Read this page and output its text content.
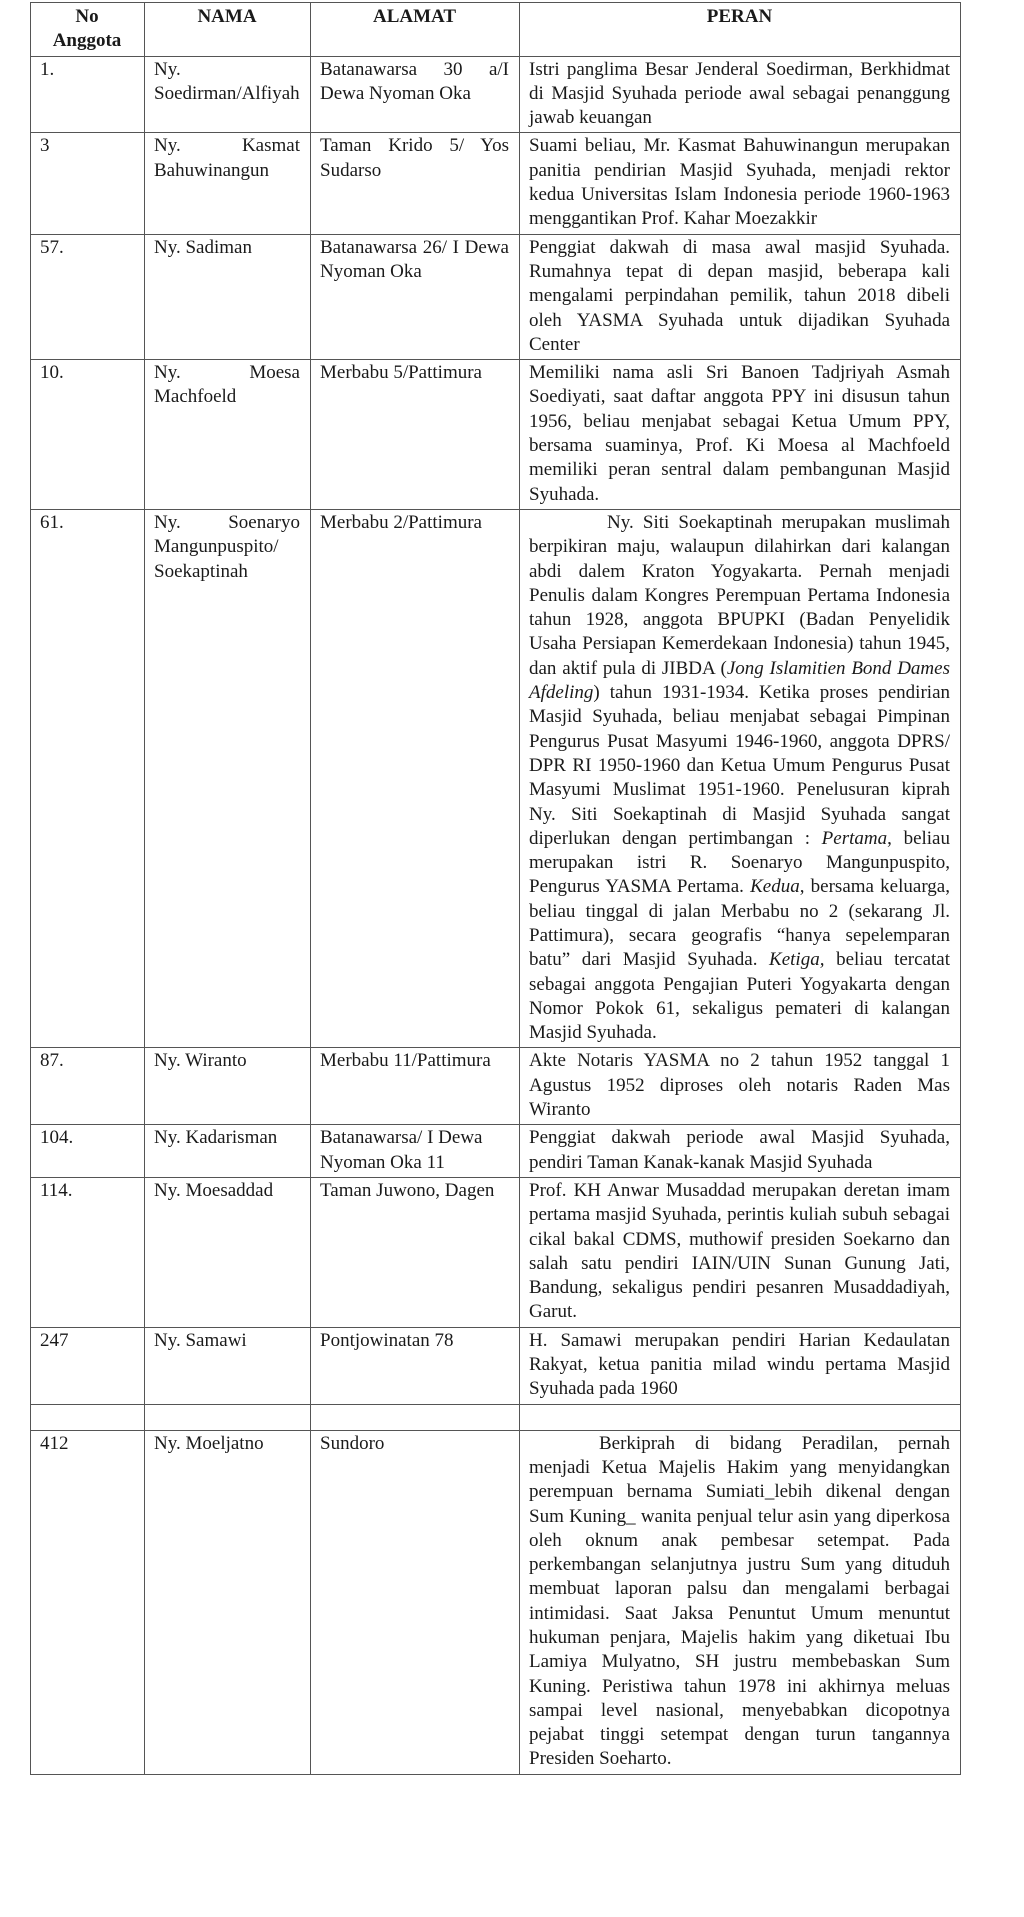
No Anggota	NAMA	ALAMAT	PERAN
1.	Ny. Soedirman/Alfiyah	Batanawarsa 30 a/I Dewa Nyoman Oka	Istri panglima Besar Jenderal Soedirman, Berkhidmat di Masjid Syuhada periode awal sebagai penanggung jawab keuangan
3	Ny. Kasmat Bahuwinangun	Taman Krido 5/ Yos Sudarso	Suami beliau, Mr. Kasmat Bahuwinangun merupakan panitia pendirian Masjid Syuhada, menjadi rektor kedua Universitas Islam Indonesia periode 1960-1963 menggantikan Prof. Kahar Moezakkir
57.	Ny. Sadiman	Batanawarsa 26/ I Dewa Nyoman Oka	Penggiat dakwah di masa awal masjid Syuhada. Rumahnya tepat di depan masjid, beberapa kali mengalami perpindahan pemilik, tahun 2018 dibeli oleh YASMA Syuhada untuk dijadikan Syuhada Center
10.	Ny. Moesa Machfoeld	Merbabu 5/Pattimura	Memiliki nama asli Sri Banoen Tadjriyah Asmah Soediyati, saat daftar anggota PPY ini disusun tahun 1956, beliau menjabat sebagai Ketua Umum PPY, bersama suaminya, Prof. Ki Moesa al Machfoeld memiliki peran sentral dalam pembangunan Masjid Syuhada.
61.	Ny. Soenaryo Mangunpuspito/ Soekaptinah	Merbabu 2/Pattimura	Ny. Siti Soekaptinah merupakan muslimah berpikiran maju, walaupun dilahirkan dari kalangan abdi dalem Kraton Yogyakarta. Pernah menjadi Penulis dalam Kongres Perempuan Pertama Indonesia tahun 1928, anggota BPUPKI (Badan Penyelidik Usaha Persiapan Kemerdekaan Indonesia) tahun 1945, dan aktif pula di JIBDA (Jong Islamitien Bond Dames Afdeling) tahun 1931-1934. Ketika proses pendirian Masjid Syuhada, beliau menjabat sebagai Pimpinan Pengurus Pusat Masyumi 1946-1960, anggota DPRS/ DPR RI 1950-1960 dan Ketua Umum Pengurus Pusat Masyumi Muslimat 1951-1960. Penelusuran kiprah Ny. Siti Soekaptinah di Masjid Syuhada sangat diperlukan dengan pertimbangan : Pertama, beliau merupakan istri R. Soenaryo Mangunpuspito, Pengurus YASMA Pertama. Kedua, bersama keluarga, beliau tinggal di jalan Merbabu no 2 (sekarang Jl. Pattimura), secara geografis “hanya sepelemparan batu” dari Masjid Syuhada. Ketiga, beliau tercatat sebagai anggota Pengajian Puteri Yogyakarta dengan Nomor Pokok 61, sekaligus pemateri di kalangan Masjid Syuhada.
87.	Ny. Wiranto	Merbabu 11/Pattimura	Akte Notaris YASMA no 2 tahun 1952 tanggal 1 Agustus 1952 diproses oleh notaris Raden Mas Wiranto
104.	Ny. Kadarisman	Batanawarsa/ I Dewa Nyoman Oka 11	Penggiat dakwah periode awal Masjid Syuhada, pendiri Taman Kanak-kanak Masjid Syuhada
114.	Ny. Moesaddad	Taman Juwono, Dagen	Prof. KH Anwar Musaddad merupakan deretan imam pertama masjid Syuhada, perintis kuliah subuh sebagai cikal bakal CDMS, muthowif presiden Soekarno dan salah satu pendiri IAIN/UIN Sunan Gunung Jati, Bandung, sekaligus pendiri pesanren Musaddadiyah, Garut.
247	Ny. Samawi	Pontjowinatan 78	H. Samawi merupakan pendiri Harian Kedaulatan Rakyat, ketua panitia milad windu pertama Masjid Syuhada pada 1960

412	Ny. Moeljatno	Sundoro	Berkiprah di bidang Peradilan, pernah menjadi Ketua Majelis Hakim yang menyidangkan perempuan bernama Sumiati_lebih dikenal dengan Sum Kuning_ wanita penjual telur asin yang diperkosa oleh oknum anak pembesar setempat. Pada perkembangan selanjutnya justru Sum yang dituduh membuat laporan palsu dan mengalami berbagai intimidasi. Saat Jaksa Penuntut Umum menuntut hukuman penjara, Majelis hakim yang diketuai Ibu Lamiya Mulyatno, SH justru membebaskan Sum Kuning. Peristiwa tahun 1978 ini akhirnya meluas sampai level nasional, menyebabkan dicopotnya pejabat tinggi setempat dengan turun tangannya Presiden Soeharto.
